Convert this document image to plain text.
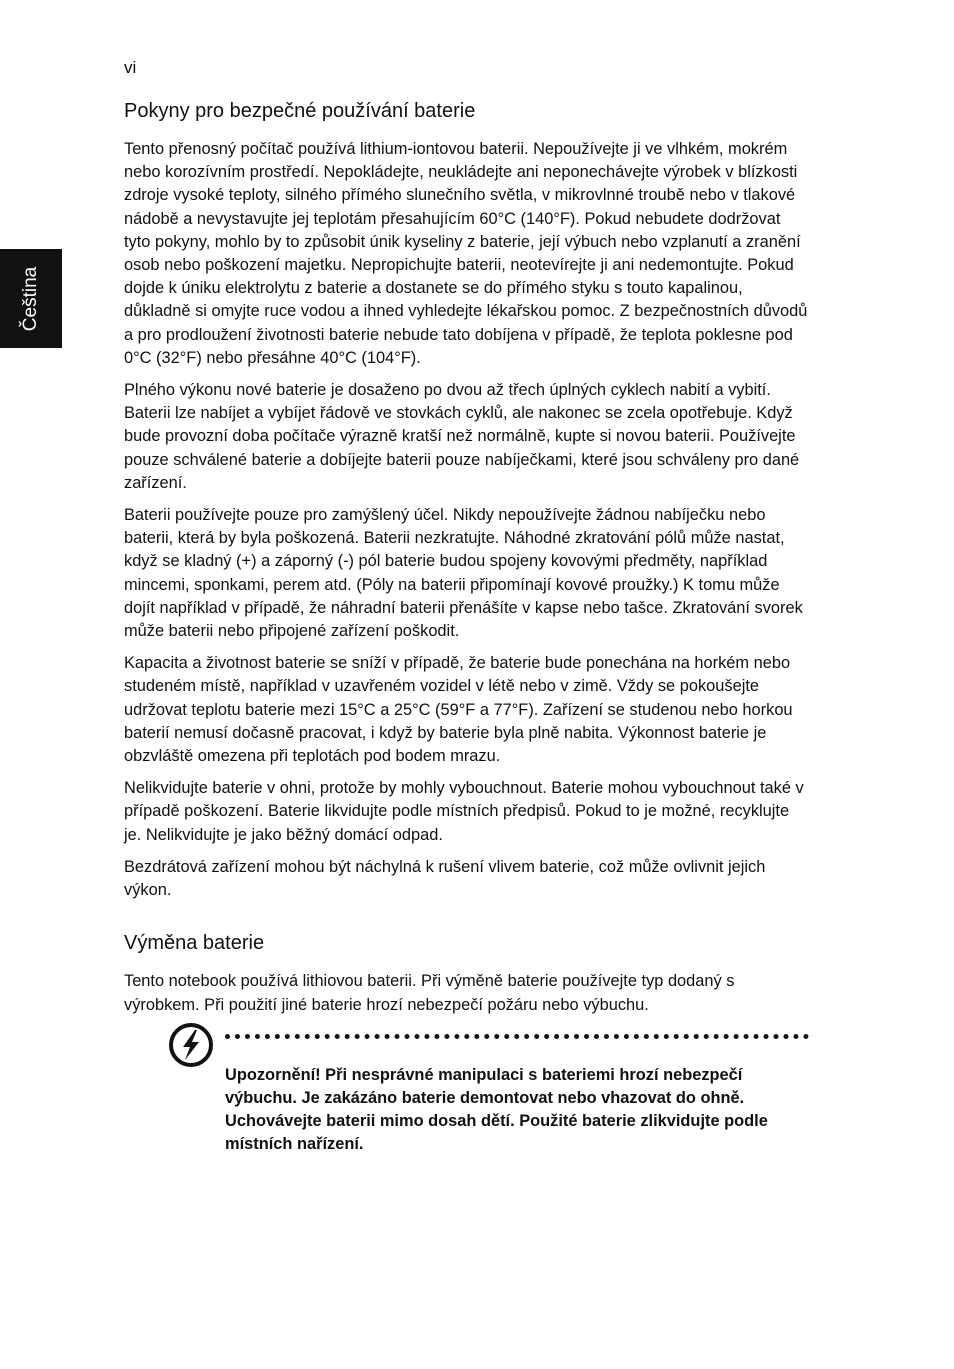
vi
Čeština
Pokyny pro bezpečné používání baterie

Tento přenosný počítač používá lithium-iontovou baterii. Nepoužívejte ji ve vlhkém, mokrém nebo korozívním prostředí. Nepokládejte, neukládejte ani neponechávejte výrobek v blízkosti zdroje vysoké teploty, silného přímého slunečního světla, v mikrovlnné troubě nebo v tlakové nádobě a nevystavujte jej teplotám přesahujícím 60°C (140°F). Pokud nebudete dodržovat tyto pokyny, mohlo by to způsobit únik kyseliny z baterie, její výbuch nebo vzplanutí a zranění osob nebo poškození majetku. Nepropichujte baterii, neotevírejte ji ani nedemontujte. Pokud dojde k úniku elektrolytu z baterie a dostanete se do přímého styku s touto kapalinou, důkladně si omyjte ruce vodou a ihned vyhledejte lékařskou pomoc. Z bezpečnostních důvodů a pro prodloužení životnosti baterie nebude tato dobíjena v případě, že teplota poklesne pod 0°C (32°F) nebo přesáhne 40°C (104°F).

Plného výkonu nové baterie je dosaženo po dvou až třech úplných cyklech nabití a vybití. Baterii lze nabíjet a vybíjet řádově ve stovkách cyklů, ale nakonec se zcela opotřebuje. Když bude provozní doba počítače výrazně kratší než normálně, kupte si novou baterii. Používejte pouze schválené baterie a dobíjejte baterii pouze nabíječkami, které jsou schváleny pro dané zařízení.

Baterii používejte pouze pro zamýšlený účel. Nikdy nepoužívejte žádnou nabíječku nebo baterii, která by byla poškozená. Baterii nezkratujte. Náhodné zkratování pólů může nastat, když se kladný (+) a záporný (-) pól baterie budou spojeny kovovými předměty, například mincemi, sponkami, perem atd. (Póly na baterii připomínají kovové proužky.) K tomu může dojít například v případě, že náhradní baterii přenášíte v kapse nebo tašce. Zkratování svorek může baterii nebo připojené zařízení poškodit.

Kapacita a životnost baterie se sníží v případě, že baterie bude ponechána na horkém nebo studeném místě, například v uzavřeném vozidel v létě nebo v zimě. Vždy se pokoušejte udržovat teplotu baterie mezi 15°C a 25°C (59°F a 77°F). Zařízení se studenou nebo horkou baterií nemusí dočasně pracovat, i když by baterie byla plně nabita. Výkonnost baterie je obzvláště omezena při teplotách pod bodem mrazu.

Nelikvidujte baterie v ohni, protože by mohly vybouchnout. Baterie mohou vybouchnout také v případě poškození. Baterie likvidujte podle místních předpisů. Pokud to je možné, recyklujte je. Nelikvidujte je jako běžný domácí odpad.

Bezdrátová zařízení mohou být náchylná k rušení vlivem baterie, což může ovlivnit jejich výkon.

Výměna baterie

Tento notebook používá lithiovou baterii. Při výměně baterie používejte typ dodaný s výrobkem. Při použití jiné baterie hrozí nebezpečí požáru nebo výbuchu.

Upozornění! Při nesprávné manipulaci s bateriemi hrozí nebezpečí výbuchu. Je zakázáno baterie demontovat nebo vhazovat do ohně. Uchovávejte baterii mimo dosah dětí. Použité baterie zlikvidujte podle místních nařízení.
